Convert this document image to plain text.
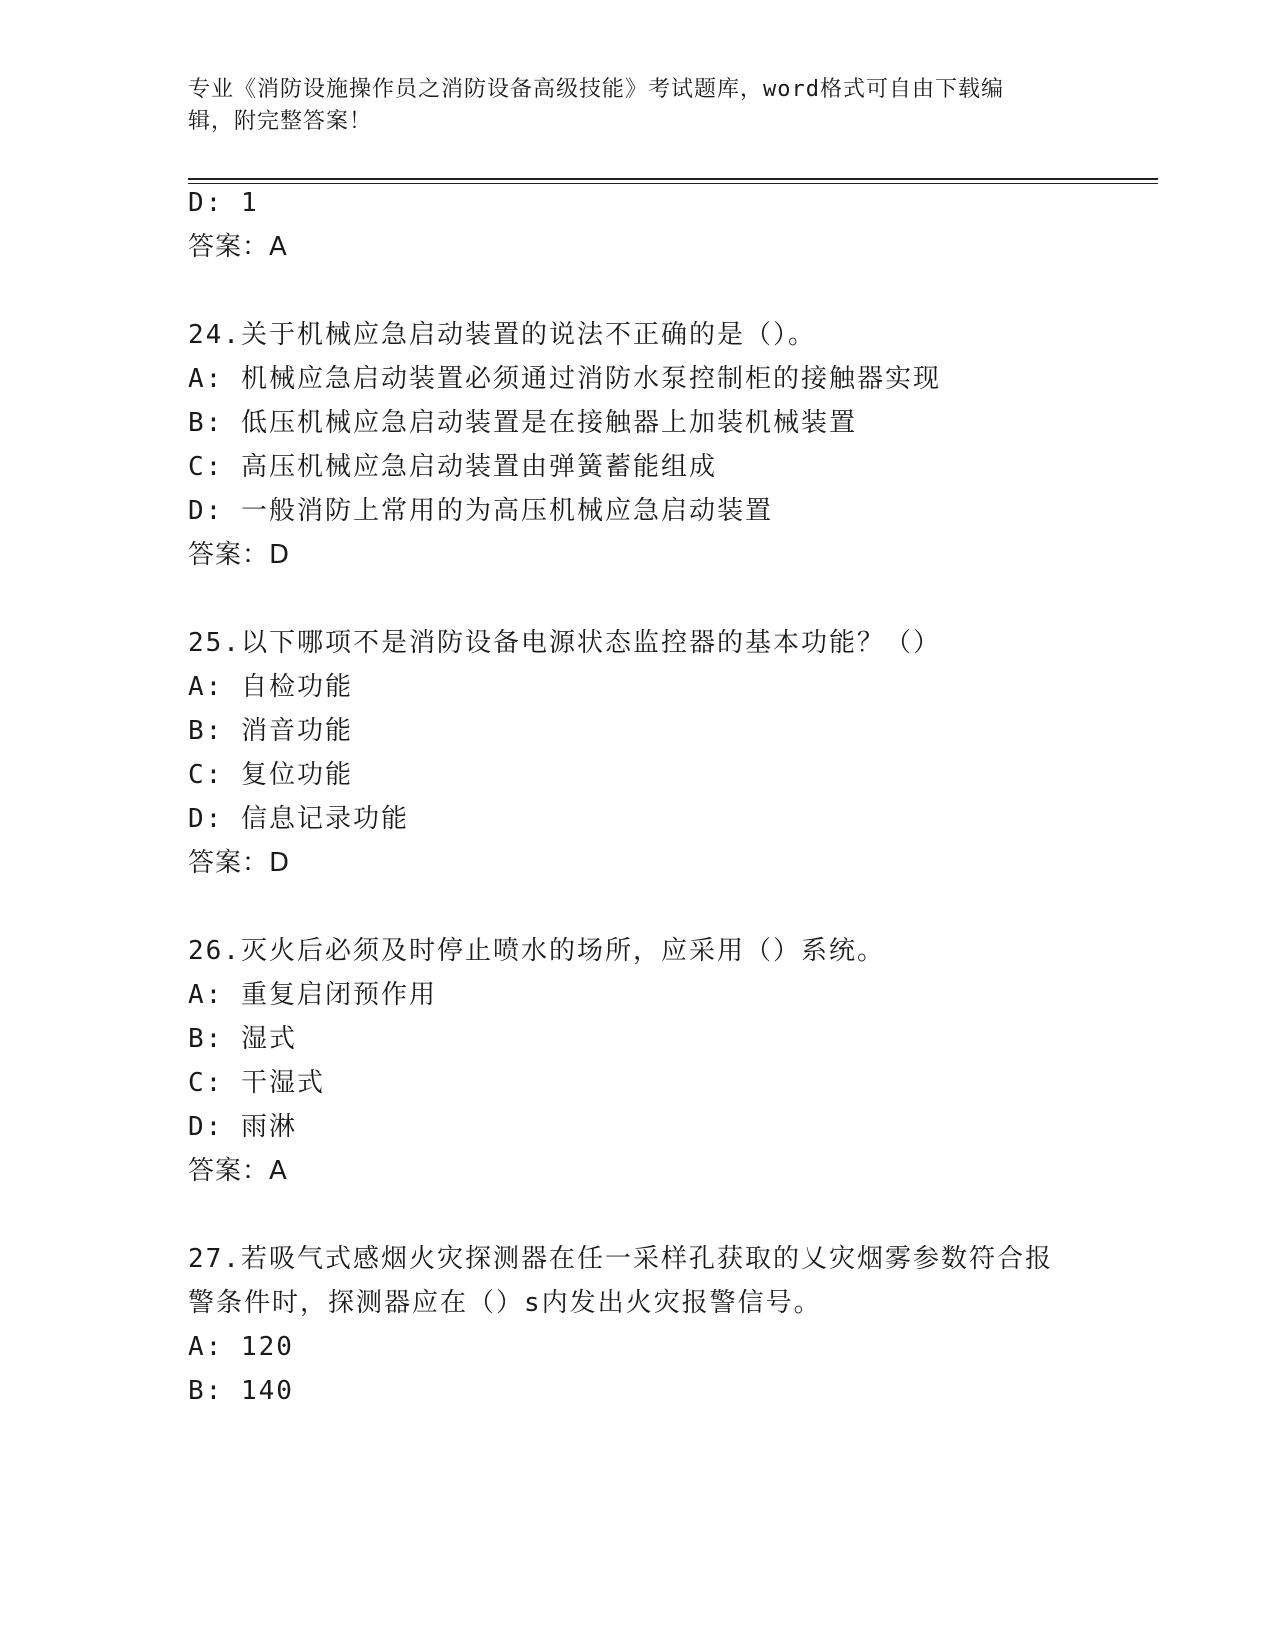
专业《消防设施操作员之消防设备高级技能》考试题库，word格式可自由下载编
辑，附完整答案！
D: 1
答案：A
24.关于机械应急启动装置的说法不正确的是（）。
A: 机械应急启动装置必须通过消防水泵控制柜的接触器实现
B: 低压机械应急启动装置是在接触器上加装机械装置
C: 高压机械应急启动装置由弹簧蓄能组成
D: 一般消防上常用的为高压机械应急启动装置
答案：D
25.以下哪项不是消防设备电源状态监控器的基本功能？（）
A: 自检功能
B: 消音功能
C: 复位功能
D: 信息记录功能
答案：D
26.灭火后必须及时停止喷水的场所，应采用（）系统。
A: 重复启闭预作用
B: 湿式
C: 干湿式
D: 雨淋
答案：A
27.若吸气式感烟火灾探测器在任一采样孔获取的乂灾烟雾参数符合报
警条件时，探测器应在（）s内发出火灾报警信号。
A: 120
B: 140
